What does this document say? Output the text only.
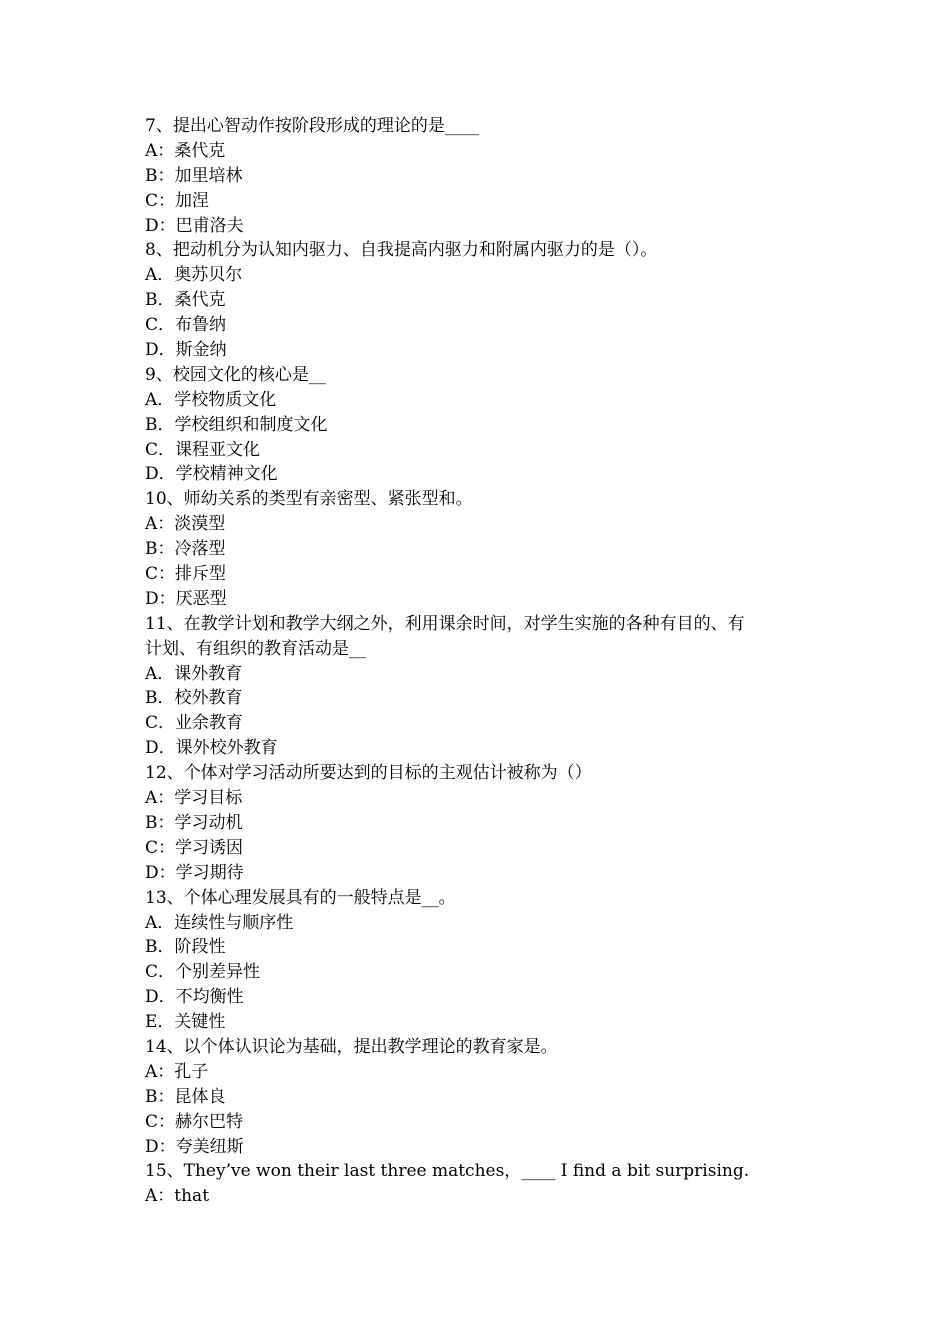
7、提出心智动作按阶段形成的理论的是____
A：桑代克
B：加里培林
C：加涅
D：巴甫洛夫
8、把动机分为认知内驱力、自我提高内驱力和附属内驱力的是（）。
A．奥苏贝尔
B．桑代克
C．布鲁纳
D．斯金纳
9、校园文化的核心是__
A．学校物质文化
B．学校组织和制度文化
C．课程亚文化
D．学校精神文化
10、师幼关系的类型有亲密型、紧张型和。
A：淡漠型
B：冷落型
C：排斥型
D：厌恶型
11、在教学计划和教学大纲之外，利用课余时间，对学生实施的各种有目的、有
计划、有组织的教育活动是__
A．课外教育
B．校外教育
C．业余教育
D．课外校外教育
12、个体对学习活动所要达到的目标的主观估计被称为（）
A：学习目标
B：学习动机
C：学习诱因
D：学习期待
13、个体心理发展具有的一般特点是__。
A．连续性与顺序性
B．阶段性
C．个别差异性
D．不均衡性
E．关键性
14、以个体认识论为基础，提出教学理论的教育家是。
A：孔子
B：昆体良
C：赫尔巴特
D：夸美纽斯
15、They’ve won their last three matches，____ I find a bit surprising.
A：that
